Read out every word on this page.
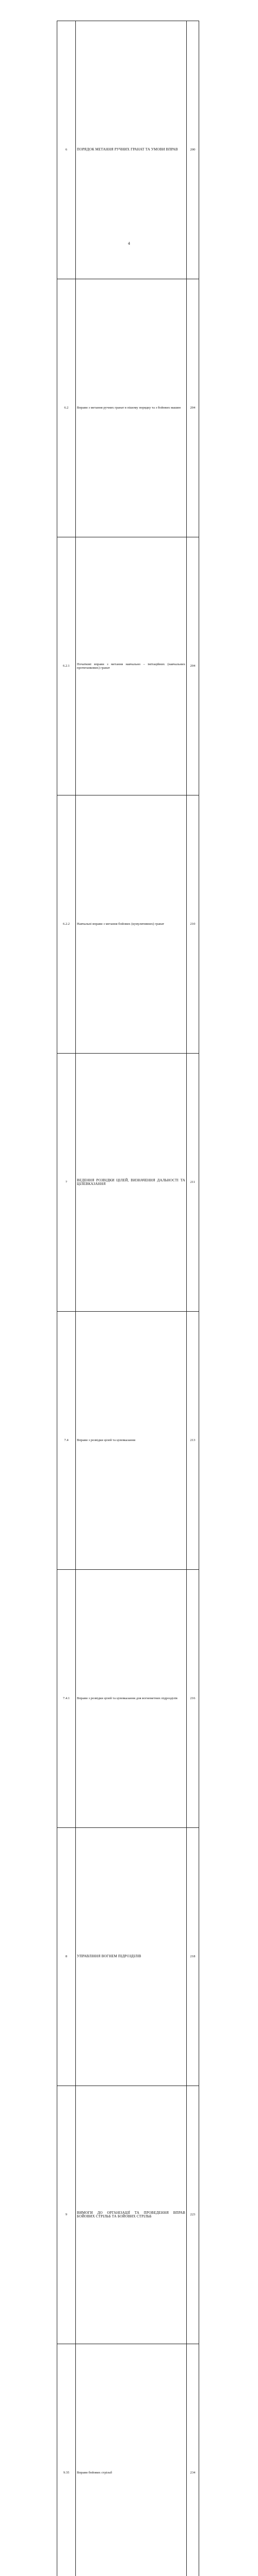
6	ПОРЯДОК МЕТАННЯ РУЧНИХ ГРАНАТ ТА УМОВИ ВПРАВ	200
6.2	Вправи з метання ручних гранат в пішому порядку та з бойових машин	204
6.2.1	Початкові вправи з метання навчально – імітаційних (навчальних протитанкових) гранат	204
6.2.2	Навчальні вправи з метання бойових (кумулятивних) гранат	210
7	ВЕДЕННЯ РОЗВІДКИ ЦІЛЕЙ, ВИЗНАЧЕННЯ ДАЛЬНОСТІ ТА ЦІЛЕВКАЗАННЯ	211
7.4	Вправи з розвідки цілей та цілевказання	213
7.4.1	Вправи з розвідки цілей та цілевказання для вогнеметних підрозділів	216
8	УПРАВЛІННЯ ВОГНЕМ ПІДРОЗДІЛІВ	218
9	ВИМОГИ ДО ОРГАНІЗАЦІЇ ТА ПРОВЕДЕННЯ ВПРАВ БОЙОВИХ СТРІЛЬБ ТА БОЙОВИХ СТРІЛЬБ	223
9.35	Вправи бойових стрільб	234

4
